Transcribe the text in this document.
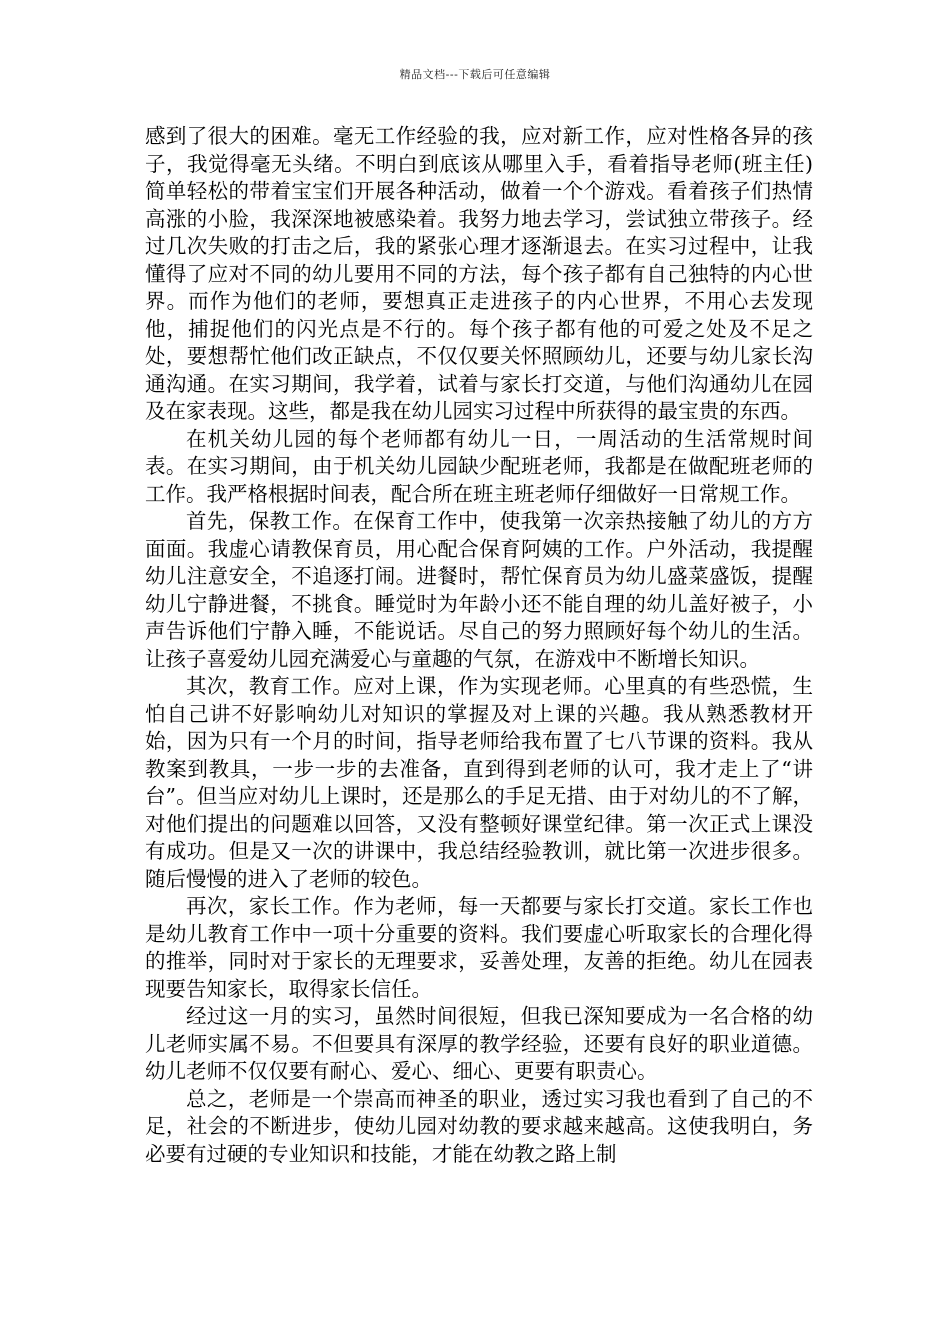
精品文档---下载后可任意编辑

感到了很大的困难。毫无工作经验的我，应对新工作，应对性格各异的孩子，我觉得毫无头绪。不明白到底该从哪里入手，看着指导老师(班主任)简单轻松的带着宝宝们开展各种活动，做着一个个游戏。看着孩子们热情高涨的小脸，我深深地被感染着。我努力地去学习，尝试独立带孩子。经过几次失败的打击之后，我的紧张心理才逐渐退去。在实习过程中，让我懂得了应对不同的幼儿要用不同的方法，每个孩子都有自己独特的内心世界。而作为他们的老师，要想真正走进孩子的内心世界，不用心去发现他，捕捉他们的闪光点是不行的。每个孩子都有他的可爱之处及不足之处，要想帮忙他们改正缺点，不仅仅要关怀照顾幼儿，还要与幼儿家长沟通沟通。在实习期间，我学着，试着与家长打交道，与他们沟通幼儿在园及在家表现。这些，都是我在幼儿园实习过程中所获得的最宝贵的东西。

在机关幼儿园的每个老师都有幼儿一日，一周活动的生活常规时间表。在实习期间，由于机关幼儿园缺少配班老师，我都是在做配班老师的工作。我严格根据时间表，配合所在班主班老师仔细做好一日常规工作。

首先，保教工作。在保育工作中，使我第一次亲热接触了幼儿的方方面面。我虚心请教保育员，用心配合保育阿姨的工作。户外活动，我提醒幼儿注意安全，不追逐打闹。进餐时，帮忙保育员为幼儿盛菜盛饭，提醒幼儿宁静进餐，不挑食。睡觉时为年龄小还不能自理的幼儿盖好被子，小声告诉他们宁静入睡，不能说话。尽自己的努力照顾好每个幼儿的生活。让孩子喜爱幼儿园充满爱心与童趣的气氛，在游戏中不断增长知识。

其次，教育工作。应对上课，作为实现老师。心里真的有些恐慌，生怕自己讲不好影响幼儿对知识的掌握及对上课的兴趣。我从熟悉教材开始，因为只有一个月的时间，指导老师给我布置了七八节课的资料。我从教案到教具，一步一步的去准备，直到得到老师的认可，我才走上了“讲台”。但当应对幼儿上课时，还是那么的手足无措、由于对幼儿的不了解，对他们提出的问题难以回答，又没有整顿好课堂纪律。第一次正式上课没有成功。但是又一次的讲课中，我总结经验教训，就比第一次进步很多。随后慢慢的进入了老师的较色。

再次，家长工作。作为老师，每一天都要与家长打交道。家长工作也是幼儿教育工作中一项十分重要的资料。我们要虚心听取家长的合理化得的推举，同时对于家长的无理要求，妥善处理，友善的拒绝。幼儿在园表现要告知家长，取得家长信任。

经过这一月的实习，虽然时间很短，但我已深知要成为一名合格的幼儿老师实属不易。不但要具有深厚的教学经验，还要有良好的职业道德。幼儿老师不仅仅要有耐心、爱心、细心、更要有职责心。

总之，老师是一个崇高而神圣的职业，透过实习我也看到了自己的不足，社会的不断进步，使幼儿园对幼教的要求越来越高。这使我明白，务必要有过硬的专业知识和技能，才能在幼教之路上制
